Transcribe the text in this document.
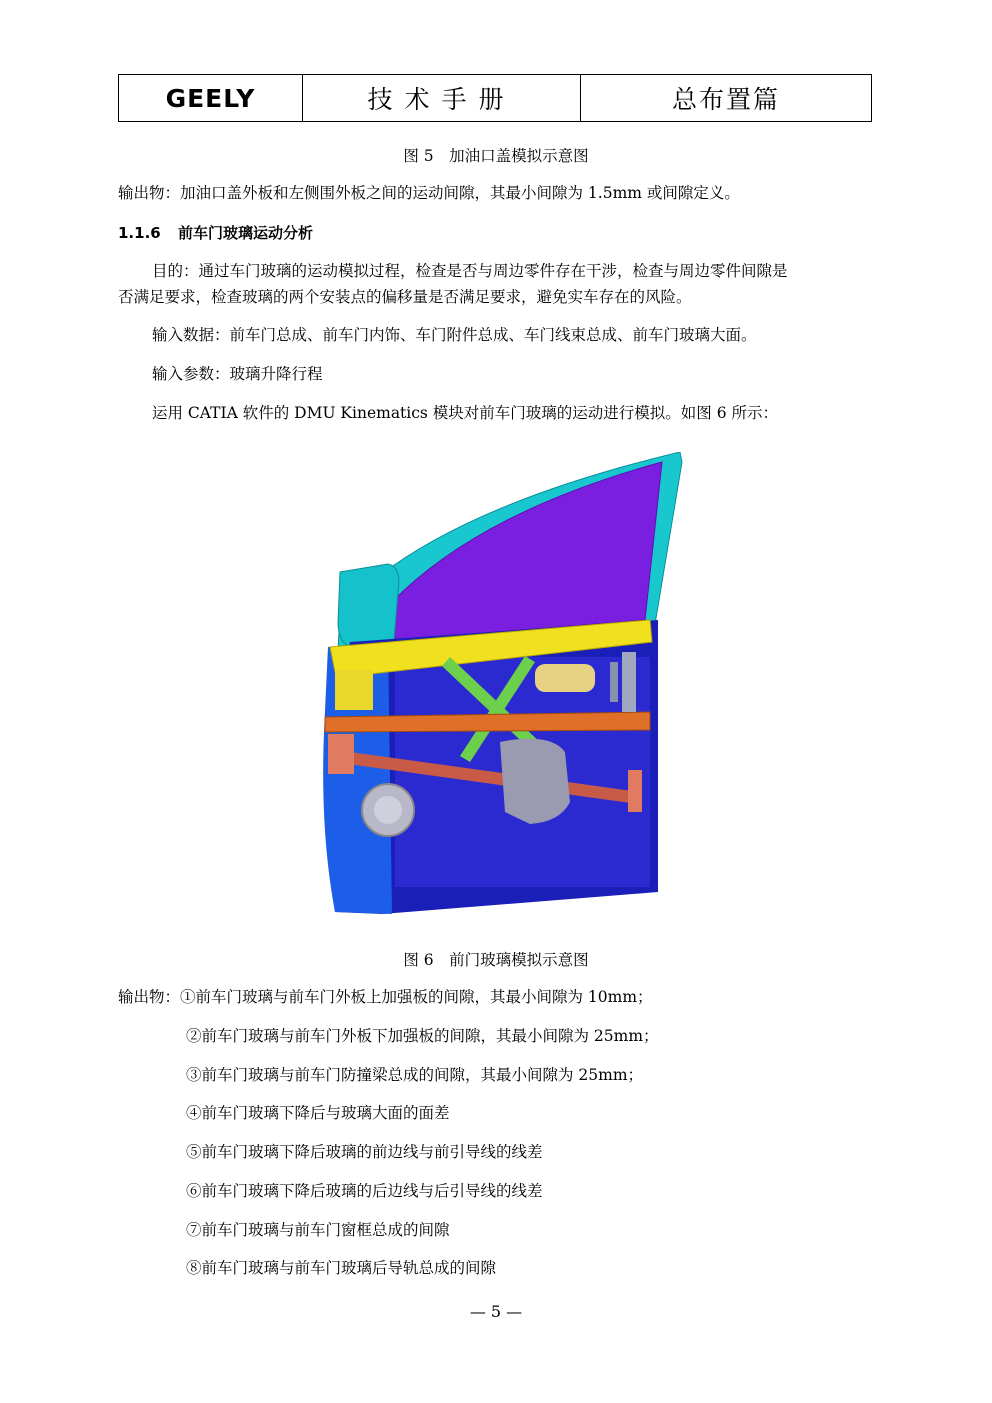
GEELY	技术手册	总布置篇
图 5　加油口盖模拟示意图
输出物：加油口盖外板和左侧围外板之间的运动间隙，其最小间隙为 1.5mm 或间隙定义。
1.1.6 前车门玻璃运动分析
目的：通过车门玻璃的运动模拟过程，检查是否与周边零件存在干涉，检查与周边零件间隙是
否满足要求，检查玻璃的两个安装点的偏移量是否满足要求，避免实车存在的风险。
输入数据：前车门总成、前车门内饰、车门附件总成、车门线束总成、前车门玻璃大面。
输入参数：玻璃升降行程
运用 CATIA 软件的 DMU Kinematics 模块对前车门玻璃的运动进行模拟。如图 6 所示：
图 6　前门玻璃模拟示意图
输出物：①前车门玻璃与前车门外板上加强板的间隙，其最小间隙为 10mm；
②前车门玻璃与前车门外板下加强板的间隙，其最小间隙为 25mm；
③前车门玻璃与前车门防撞梁总成的间隙，其最小间隙为 25mm；
④前车门玻璃下降后与玻璃大面的面差
⑤前车门玻璃下降后玻璃的前边线与前引导线的线差
⑥前车门玻璃下降后玻璃的后边线与后引导线的线差
⑦前车门玻璃与前车门窗框总成的间隙
⑧前车门玻璃与前车门玻璃后导轨总成的间隙
— 5 —
